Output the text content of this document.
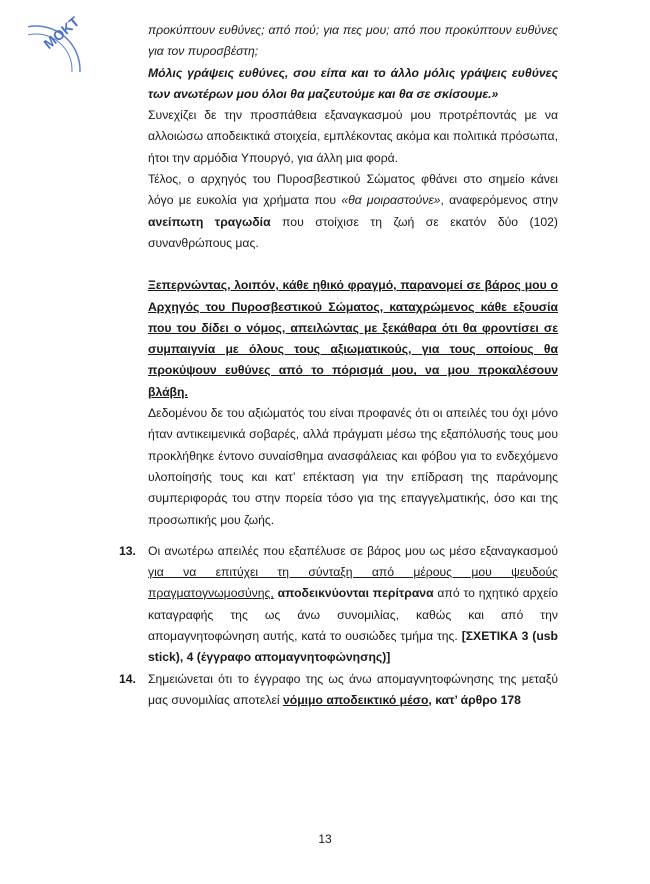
ΜΟΚΤ	προκύπτουν ευθύνες; από πού; για πες μου; από που προκύπτουν ευθύνες για τον πυροσβέστη;

Μόλις γράψεις ευθύνες, σου είπα και το άλλο μόλις γράψεις ευθύνες των ανωτέρων μου όλοι θα μαζευτούμε και θα σε σκίσουμε.»

Συνεχίζει δε την προσπάθεια εξαναγκασμού μου προτρέποντάς με να αλλοιώσω αποδεικτικά στοιχεία, εμπλέκοντας ακόμα και πολιτικά πρόσωπα, ήτοι την αρμόδια Υπουργό, για άλλη μια φορά.

Τέλος, ο αρχηγός του Πυροσβεστικού Σώματος φθάνει στο σημείο κάνει λόγο με ευκολία για χρήματα που «θα μοιραστούνε», αναφερόμενος στην ανείπωτη τραγωδία που στοίχισε τη ζωή σε εκατόν δύο (102) συνανθρώπους μας.

Ξεπερνώντας, λοιπόν, κάθε ηθικό φραγμό, παρανομεί σε βάρος μου ο Αρχηγός του Πυροσβεστικού Σώματος, καταχρώμενος κάθε εξουσία που του δίδει ο νόμος, απειλώντας με ξεκάθαρα ότι θα φροντίσει σε συμπαιγνία με όλους τους αξιωματικούς, για τους οποίους θα προκύψουν ευθύνες από το πόρισμά μου, να μου προκαλέσουν βλάβη.

Δεδομένου δε του αξιώματός του είναι προφανές ότι οι απειλές του όχι μόνο ήταν αντικειμενικά σοβαρές, αλλά πράγματι μέσω της εξαπόλυσής τους μου προκλήθηκε έντονο συναίσθημα ανασφάλειας και φόβου για το ενδεχόμενο υλοποίησής τους και κατ’ επέκταση για την επίδραση της παράνομης συμπεριφοράς του στην πορεία τόσο για της επαγγελματικής, όσο και της προσωπικής μου ζωής.

13. Οι ανωτέρω απειλές που εξαπέλυσε σε βάρος μου ως μέσο εξαναγκασμού για να επιτύχει τη σύνταξη από μέρους μου ψευδούς πραγματογνωμοσύνης, αποδεικνύονται περίτρανα από το ηχητικό αρχείο καταγραφής της ως άνω συνομιλίας, καθώς και από την απομαγνητοφώνηση αυτής, κατά το ουσιώδες τμήμα της. [ΣΧΕΤΙΚΑ 3 (usb stick), 4 (έγγραφο απομαγνητοφώνησης)]

14. Σημειώνεται ότι το έγγραφο της ως άνω απομαγνητοφώνησης της μεταξύ μας συνομιλίας αποτελεί νόμιμο αποδεικτικό μέσο, κατ’ άρθρο 178

13
